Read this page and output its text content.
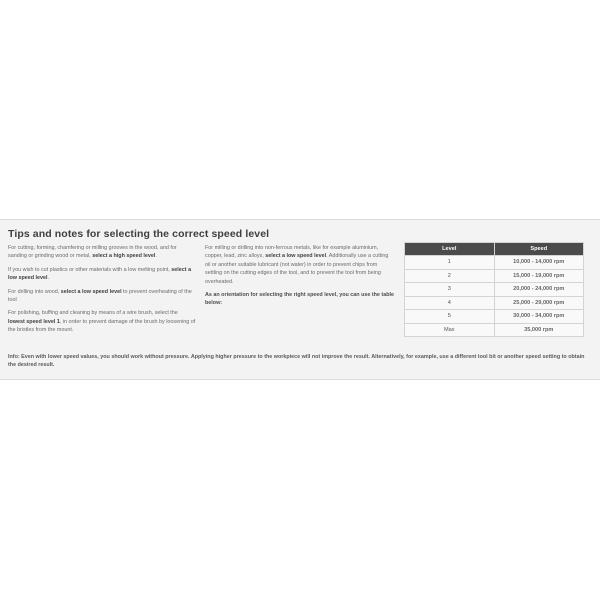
Tips and notes for selecting the correct speed level

For cutting, forming, chamfering or milling grooves in the wood, and for sanding or grinding wood or metal, select a high speed level.

If you wish to cut plastics or other materials with a low melting point, select a low speed level.

For drilling into wood, select a low speed level to prevent overheating of the tool

For polishing, buffing and cleaning by means of a wire brush, select the lowest speed level 1, in order to prevent damage of the brush by loosening of the bristles from the mount.

For milling or drilling into non-ferrous metals, like for example aluminium, copper, lead, zinc alloys, select a low speed level. Additionally use a cutting oil or another suitable lubricant (not water) in order to prevent chips from settling on the cutting edges of the tool, and to prevent the tool from being overheated.

As an orientation for selecting the right speed level, you can use the table below:

Level	Speed
1	10,000 - 14,000 rpm
2	15,000 - 19,000 rpm
3	20,000 - 24,000 rpm
4	25,000 - 29,000 rpm
5	30,000 - 34,000 rpm
Max	35,000 rpm

Info: Even with lower speed values, you should work without pressure. Applying higher pressure to the workpiece will not improve the result. Alternatively, for example, use a different tool bit or another speed setting to obtain the desired result.
